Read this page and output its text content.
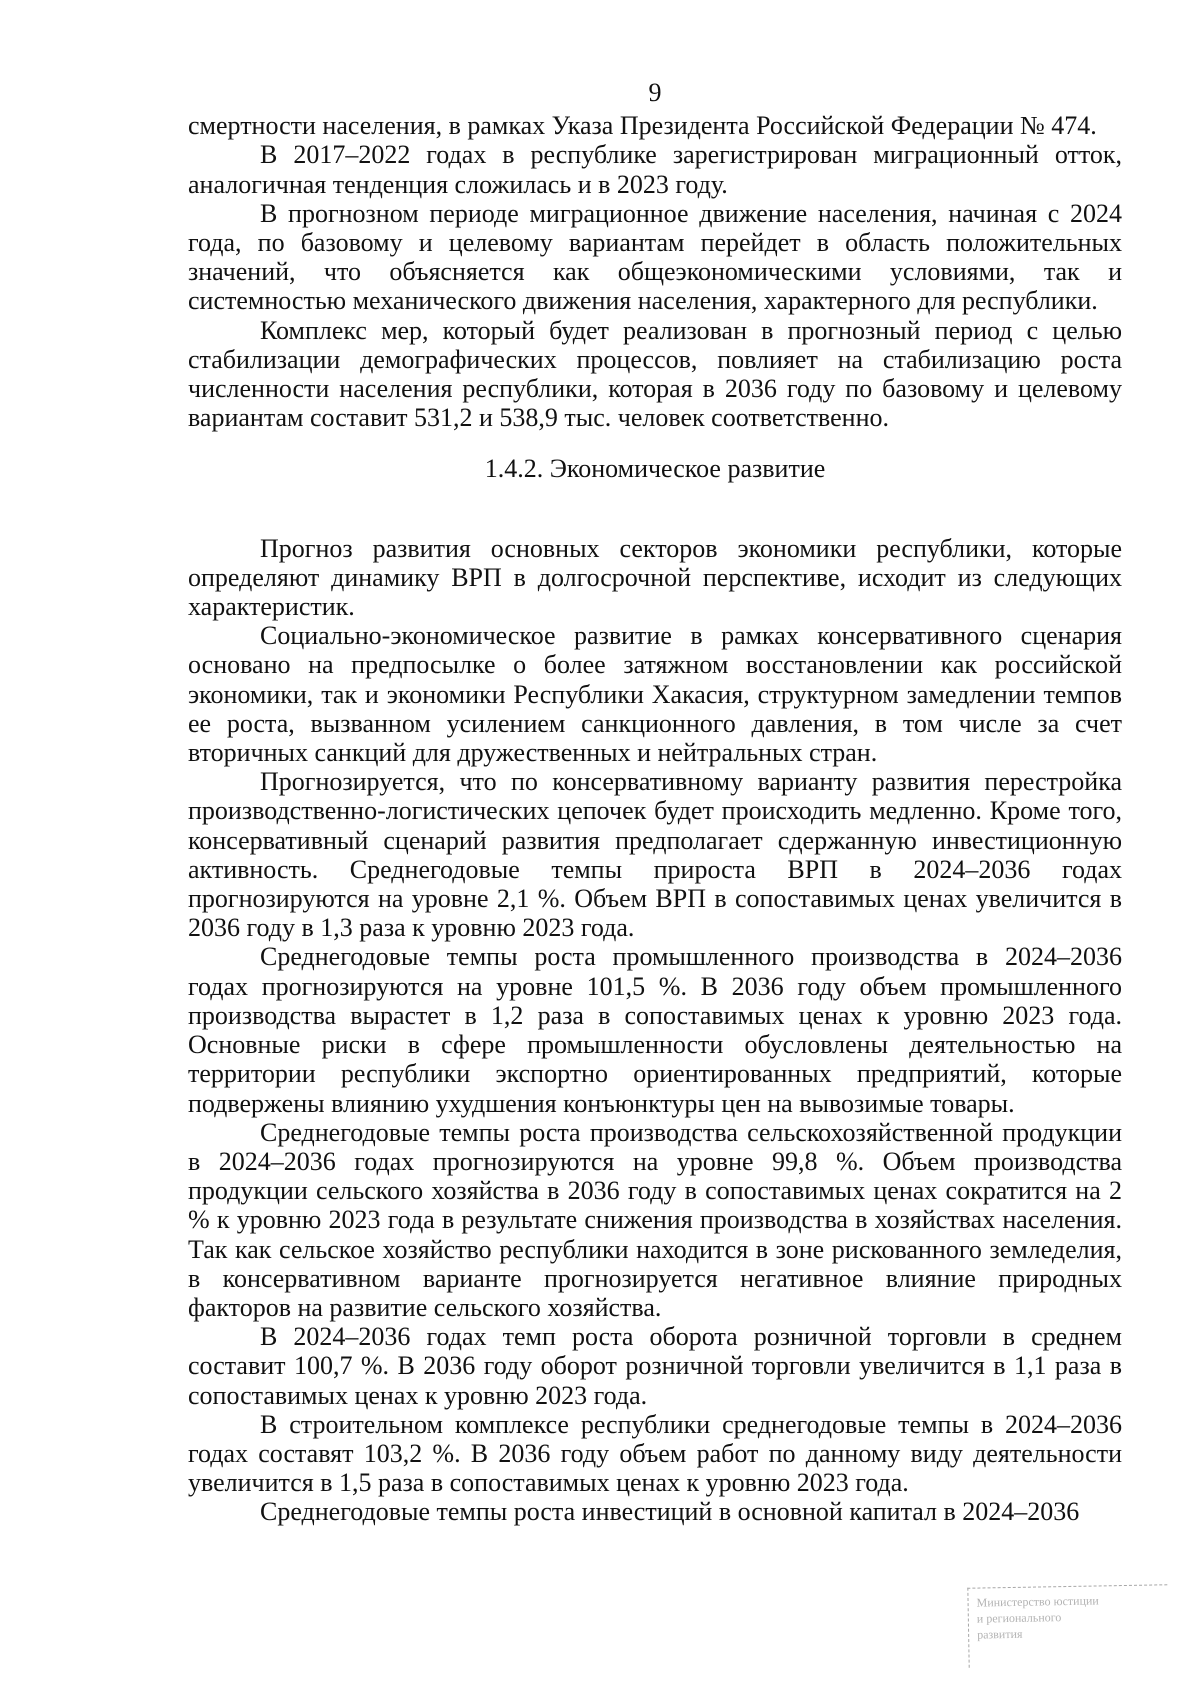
9

смертности населения, в рамках Указа Президента Российской Федерации № 474.

В 2017–2022 годах в республике зарегистрирован миграционный отток, аналогичная тенденция сложилась и в 2023 году.

В прогнозном периоде миграционное движение населения, начиная с 2024 года, по базовому и целевому вариантам перейдет в область положительных значений, что объясняется как общеэкономическими условиями, так и системностью механического движения населения, характерного для республики.

Комплекс мер, который будет реализован в прогнозный период с целью стабилизации демографических процессов, повлияет на стабилизацию роста численности населения республики, которая в 2036 году по базовому и целевому вариантам составит 531,2 и 538,9 тыс. человек соответственно.

1.4.2. Экономическое развитие

Прогноз развития основных секторов экономики республики, которые определяют динамику ВРП в долгосрочной перспективе, исходит из следующих характеристик.

Социально-экономическое развитие в рамках консервативного сценария основано на предпосылке о более затяжном восстановлении как российской экономики, так и экономики Республики Хакасия, структурном замедлении темпов ее роста, вызванном усилением санкционного давления, в том числе за счет вторичных санкций для дружественных и нейтральных стран.

Прогнозируется, что по консервативному варианту развития перестройка производственно-логистических цепочек будет происходить медленно. Кроме того, консервативный сценарий развития предполагает сдержанную инвестиционную активность. Среднегодовые темпы прироста ВРП в 2024–2036 годах прогнозируются на уровне 2,1 %. Объем ВРП в сопоставимых ценах увеличится в 2036 году в 1,3 раза к уровню 2023 года.

Среднегодовые темпы роста промышленного производства в 2024–2036 годах прогнозируются на уровне 101,5 %. В 2036 году объем промышленного производства вырастет в 1,2 раза в сопоставимых ценах к уровню 2023 года. Основные риски в сфере промышленности обусловлены деятельностью на территории республики экспортно ориентированных предприятий, которые подвержены влиянию ухудшения конъюнктуры цен на вывозимые товары.

Среднегодовые темпы роста производства сельскохозяйственной продукции в 2024–2036 годах прогнозируются на уровне 99,8 %. Объем производства продукции сельского хозяйства в 2036 году в сопоставимых ценах сократится на 2 % к уровню 2023 года в результате снижения производства в хозяйствах населения. Так как сельское хозяйство республики находится в зоне рискованного земледелия, в консервативном варианте прогнозируется негативное влияние природных факторов на развитие сельского хозяйства.

В 2024–2036 годах темп роста оборота розничной торговли в среднем составит 100,7 %. В 2036 году оборот розничной торговли увеличится в 1,1 раза в сопоставимых ценах к уровню 2023 года.

В строительном комплексе республики среднегодовые темпы в 2024–2036 годах составят 103,2 %. В 2036 году объем работ по данному виду деятельности увеличится в 1,5 раза в сопоставимых ценах к уровню 2023 года.

Среднегодовые темпы роста инвестиций в основной капитал в 2024–2036

Министерство юстиции
и регионального
развития
